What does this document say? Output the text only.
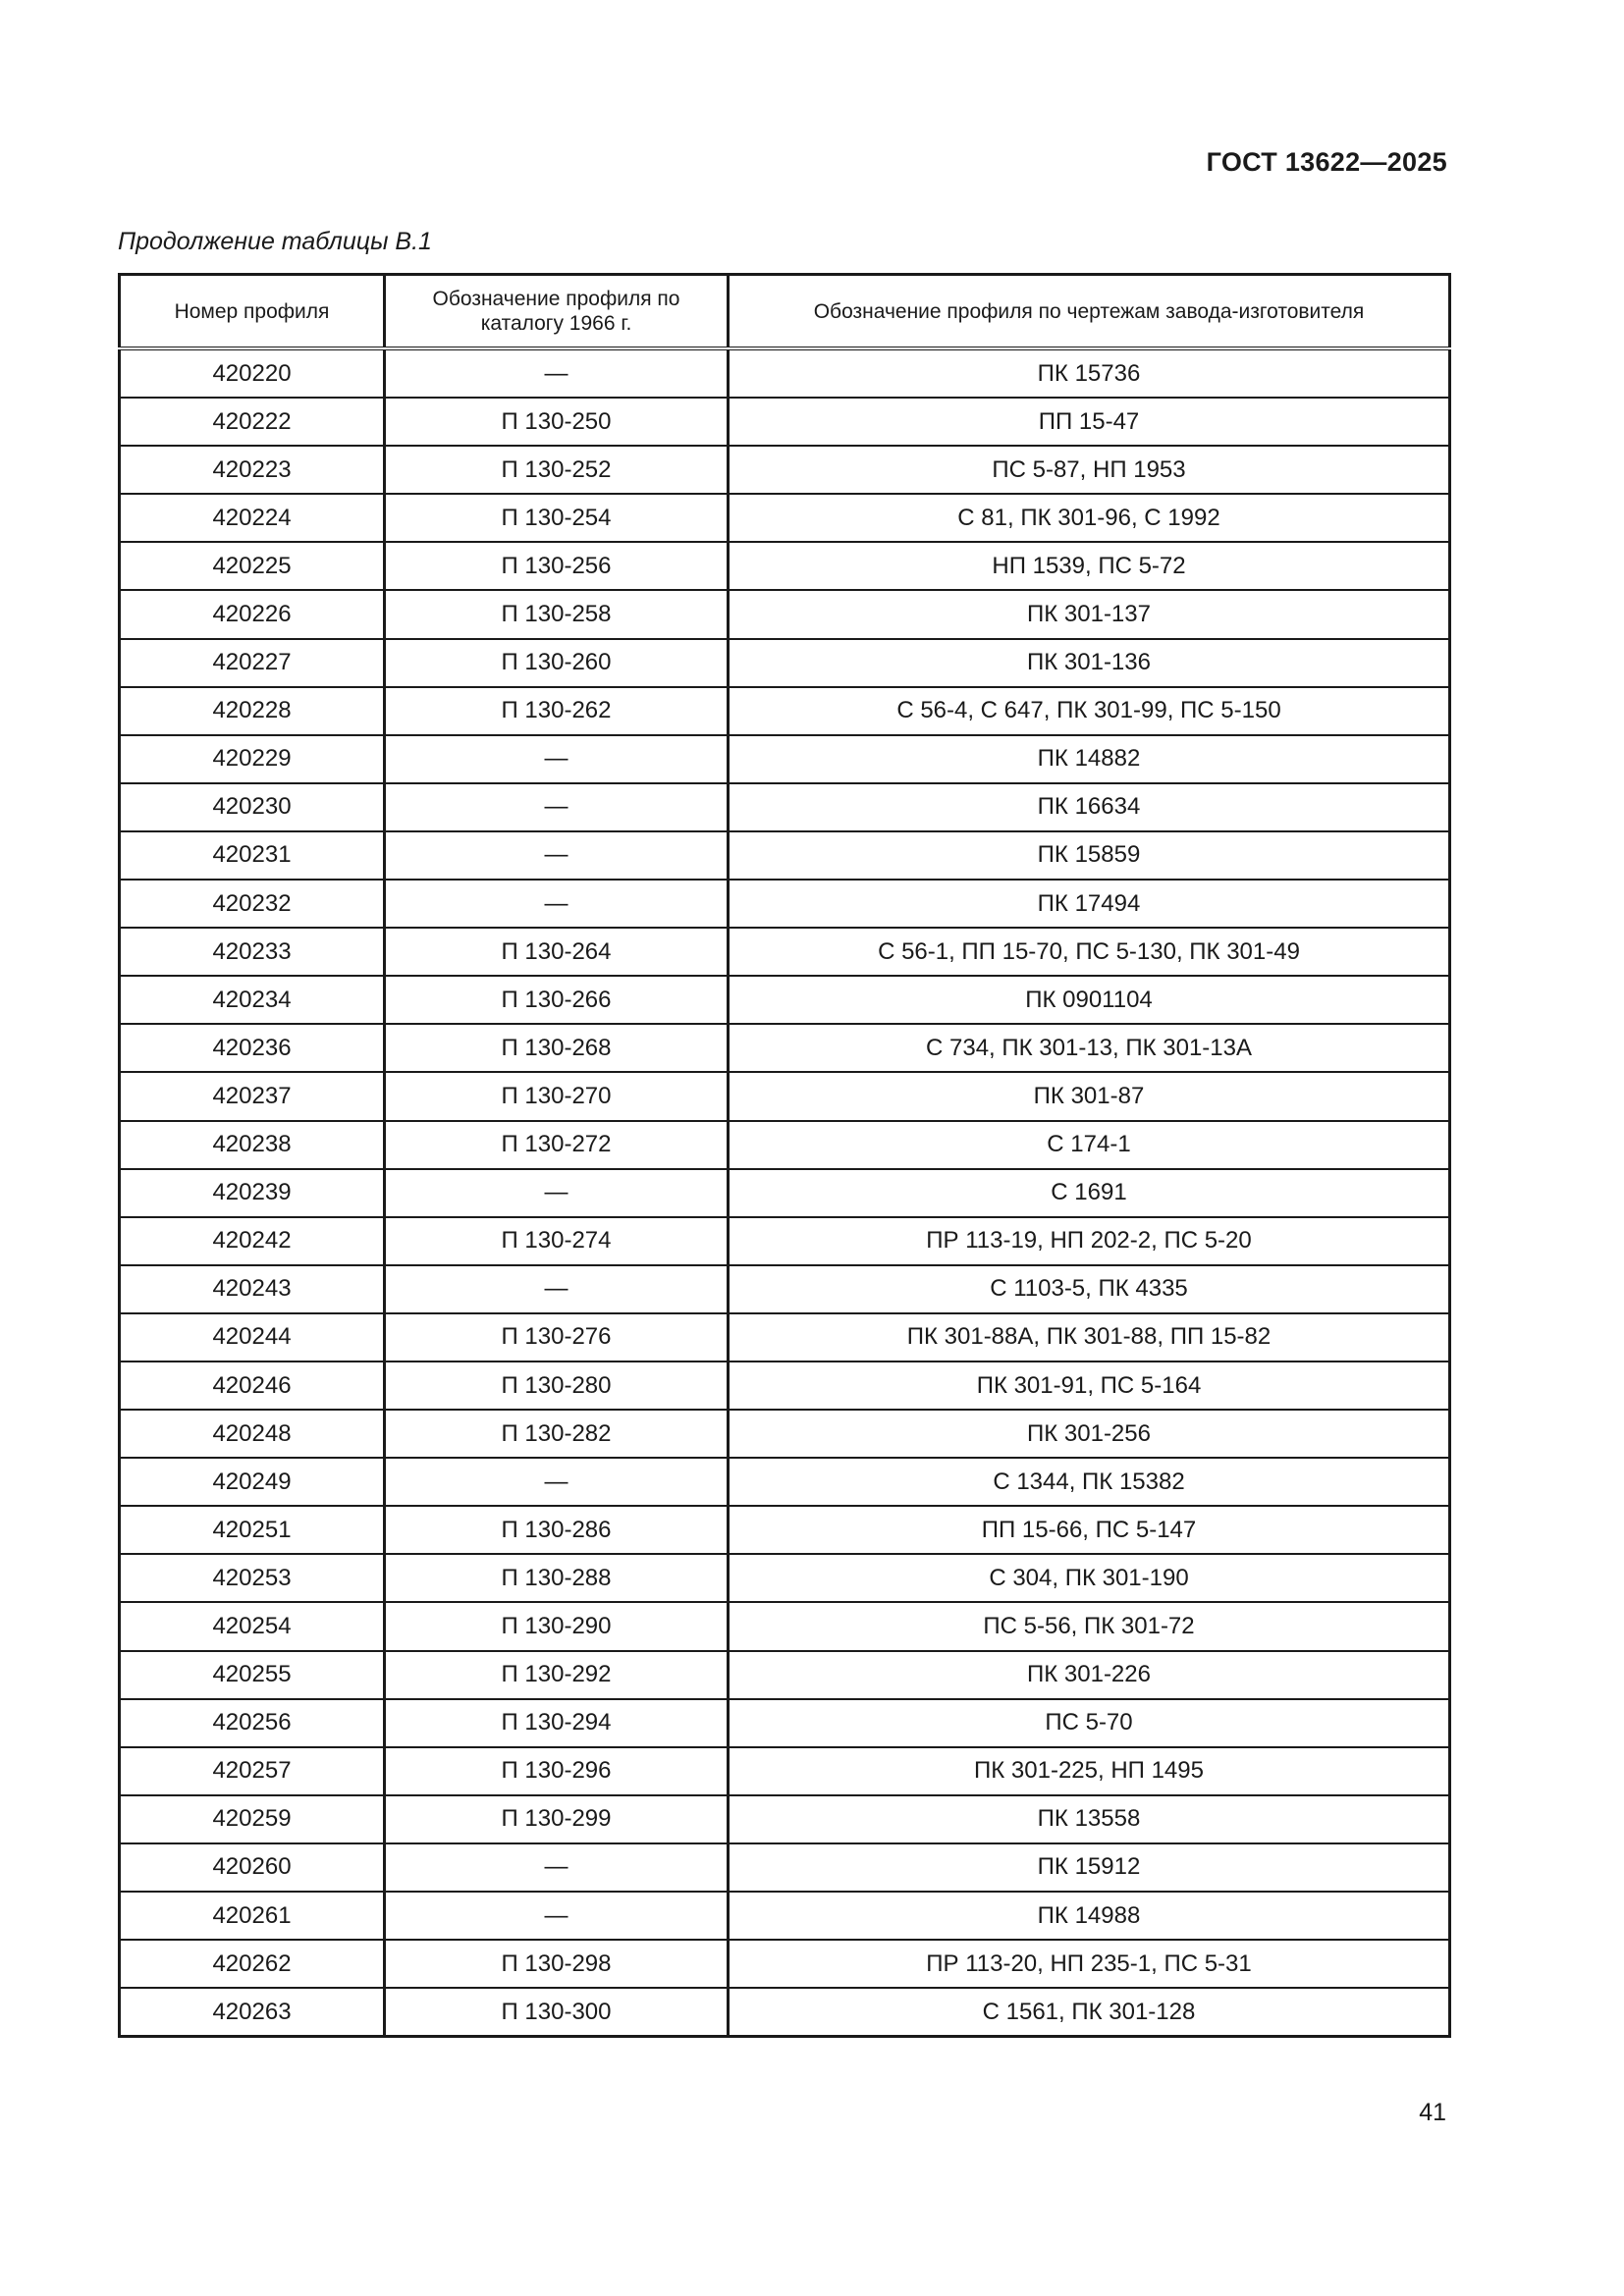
ГОСТ 13622—2025
Продолжение таблицы В.1
Номер профиля	Обозначение профиля по каталогу 1966 г.	Обозначение профиля по чертежам завода-изготовителя
420220	—	ПК 15736
420222	П 130-250	ПП 15-47
420223	П 130-252	ПС 5-87, НП 1953
420224	П 130-254	С 81, ПК 301-96, С 1992
420225	П 130-256	НП 1539, ПС 5-72
420226	П 130-258	ПК 301-137
420227	П 130-260	ПК 301-136
420228	П 130-262	С 56-4, С 647, ПК 301-99, ПС 5-150
420229	—	ПК 14882
420230	—	ПК 16634
420231	—	ПК 15859
420232	—	ПК 17494
420233	П 130-264	С 56-1, ПП 15-70, ПС 5-130, ПК 301-49
420234	П 130-266	ПК 0901104
420236	П 130-268	С 734, ПК 301-13, ПК 301-13А
420237	П 130-270	ПК 301-87
420238	П 130-272	С 174-1
420239	—	С 1691
420242	П 130-274	ПР 113-19, НП 202-2, ПС 5-20
420243	—	С 1103-5, ПК 4335
420244	П 130-276	ПК 301-88А, ПК 301-88, ПП 15-82
420246	П 130-280	ПК 301-91, ПС 5-164
420248	П 130-282	ПК 301-256
420249	—	С 1344, ПК 15382
420251	П 130-286	ПП 15-66, ПС 5-147
420253	П 130-288	С 304, ПК 301-190
420254	П 130-290	ПС 5-56, ПК 301-72
420255	П 130-292	ПК 301-226
420256	П 130-294	ПС 5-70
420257	П 130-296	ПК 301-225, НП 1495
420259	П 130-299	ПК 13558
420260	—	ПК 15912
420261	—	ПК 14988
420262	П 130-298	ПР 113-20, НП 235-1, ПС 5-31
420263	П 130-300	С 1561, ПК 301-128
41
